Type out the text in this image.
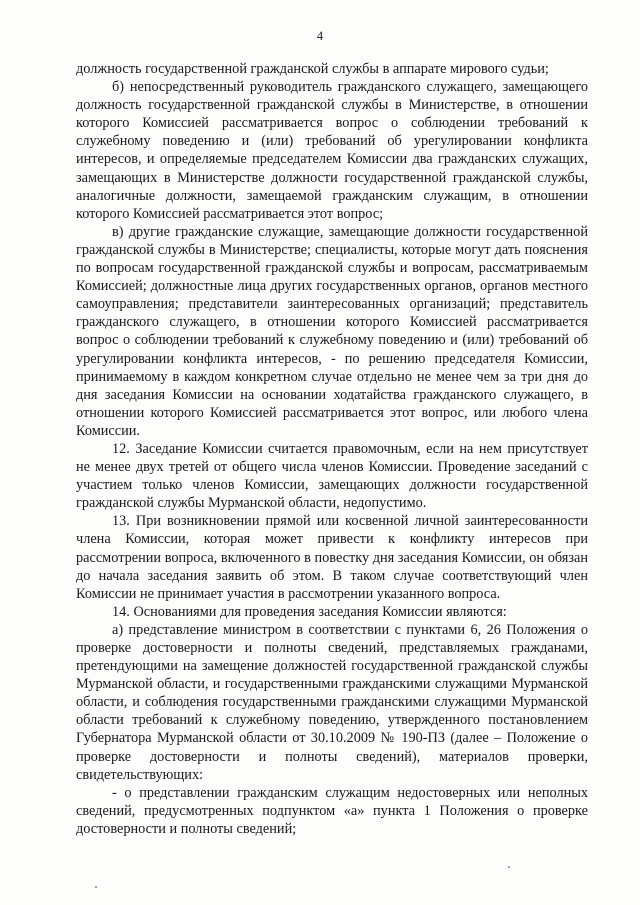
4

должность государственной гражданской службы в аппарате мирового судьи;

б) непосредственный руководитель гражданского служащего, замещающего должность государственной гражданской службы в Министерстве, в отношении которого Комиссией рассматривается вопрос о соблюдении требований к служебному поведению и (или) требований об урегулировании конфликта интересов, и определяемые председателем Комиссии два гражданских служащих, замещающих в Министерстве должности государственной гражданской службы, аналогичные должности, замещаемой гражданским служащим, в отношении которого Комиссией рассматривается этот вопрос;

в) другие гражданские служащие, замещающие должности государственной гражданской службы в Министерстве; специалисты, которые могут дать пояснения по вопросам государственной гражданской службы и вопросам, рассматриваемым Комиссией; должностные лица других государственных органов, органов местного самоуправления; представители заинтересованных организаций; представитель гражданского служащего, в отношении которого Комиссией рассматривается вопрос о соблюдении требований к служебному поведению и (или) требований об урегулировании конфликта интересов, - по решению председателя Комиссии, принимаемому в каждом конкретном случае отдельно не менее чем за три дня до дня заседания Комиссии на основании ходатайства гражданского служащего, в отношении которого Комиссией рассматривается этот вопрос, или любого члена Комиссии.

12. Заседание Комиссии считается правомочным, если на нем присутствует не менее двух третей от общего числа членов Комиссии. Проведение заседаний с участием только членов Комиссии, замещающих должности государственной гражданской службы Мурманской области, недопустимо.

13. При возникновении прямой или косвенной личной заинтересованности члена Комиссии, которая может привести к конфликту интересов при рассмотрении вопроса, включенного в повестку дня заседания Комиссии, он обязан до начала заседания заявить об этом. В таком случае соответствующий член Комиссии не принимает участия в рассмотрении указанного вопроса.

14. Основаниями для проведения заседания Комиссии являются:

а) представление министром в соответствии с пунктами 6, 26 Положения о проверке достоверности и полноты сведений, представляемых гражданами, претендующими на замещение должностей государственной гражданской службы Мурманской области, и государственными гражданскими служащими Мурманской области, и соблюдения государственными гражданскими служащими Мурманской области требований к служебному поведению, утвержденного постановлением Губернатора Мурманской области от 30.10.2009 № 190-ПЗ (далее – Положение о проверке достоверности и полноты сведений), материалов проверки, свидетельствующих:

- о представлении гражданским служащим недостоверных или неполных сведений, предусмотренных подпунктом «а» пункта 1 Положения о проверке достоверности и полноты сведений;
